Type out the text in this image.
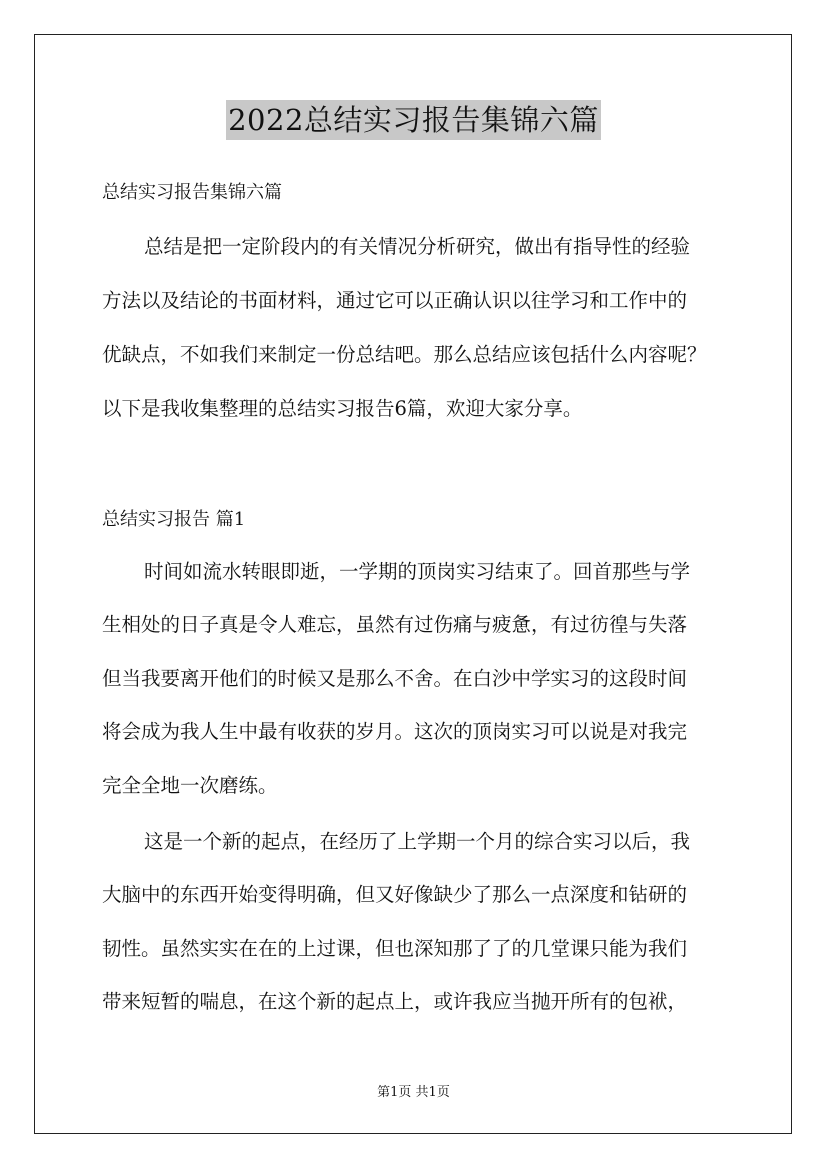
2022总结实习报告集锦六篇
总结实习报告集锦六篇
总结是把一定阶段内的有关情况分析研究，做出有指导性的经验
方法以及结论的书面材料，通过它可以正确认识以往学习和工作中的
优缺点，不如我们来制定一份总结吧。那么总结应该包括什么内容呢？
以下是我收集整理的总结实习报告6篇，欢迎大家分享。
总结实习报告 篇1
时间如流水转眼即逝，一学期的顶岗实习结束了。回首那些与学
生相处的日子真是令人难忘，虽然有过伤痛与疲惫，有过彷徨与失落
但当我要离开他们的时候又是那么不舍。在白沙中学实习的这段时间
将会成为我人生中最有收获的岁月。这次的顶岗实习可以说是对我完
完全全地一次磨练。
这是一个新的起点，在经历了上学期一个月的综合实习以后，我
大脑中的东西开始变得明确，但又好像缺少了那么一点深度和钻研的
韧性。虽然实实在在的上过课，但也深知那了了的几堂课只能为我们
带来短暂的喘息，在这个新的起点上，或许我应当抛开所有的包袱，
第1页 共1页
